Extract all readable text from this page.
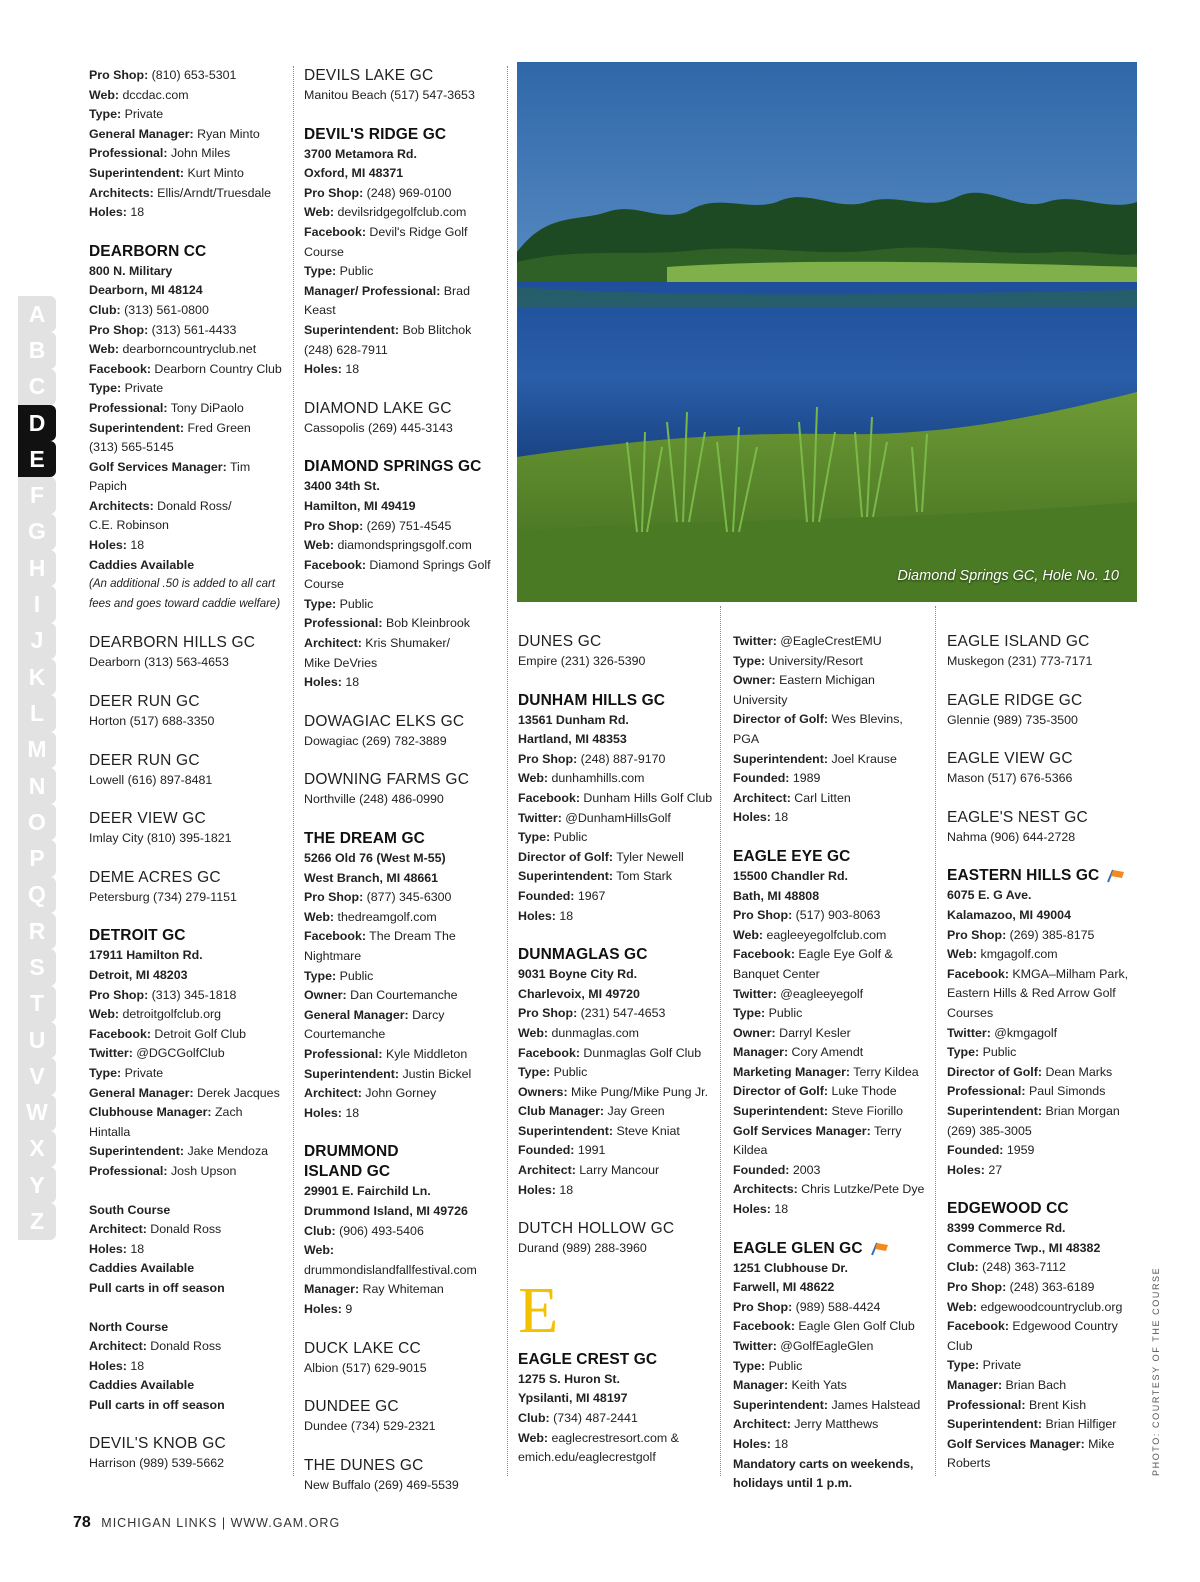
A
B
C
D
E
F
G
H
I
J
K
L
M
N
O
P
Q
R
S
T
U
V
W
X
Y
Z
Pro Shop: (810) 653-5301
Web: dccdac.com
Type: Private
General Manager: Ryan Minto
Professional: John Miles
Superintendent: Kurt Minto
Architects: Ellis/Arndt/Truesdale
Holes: 18
DEARBORN CC
800 N. Military
Dearborn, MI 48124
Club: (313) 561-0800
Pro Shop: (313) 561-4433
Web: dearborncountryclub.net
Facebook: Dearborn Country Club
Type: Private
Professional: Tony DiPaolo
Superintendent: Fred Green
(313) 565-5145
Golf Services Manager: Tim Papich
Architects: Donald Ross/
C.E. Robinson
Holes: 18
Caddies Available
(An additional .50 is added to all cart
fees and goes toward caddie welfare)
DEARBORN HILLS GC
Dearborn (313) 563-4653
DEER RUN GC
Horton (517) 688-3350
DEER RUN GC
Lowell (616) 897-8481
DEER VIEW GC
Imlay City (810) 395-1821
DEME ACRES GC
Petersburg (734) 279-1151
DETROIT GC
17911 Hamilton Rd.
Detroit, MI 48203
Pro Shop: (313) 345-1818
Web: detroitgolfclub.org
Facebook: Detroit Golf Club
Twitter: @DGCGolfClub
Type: Private
General Manager: Derek Jacques
Clubhouse Manager: Zach
Hintalla
Superintendent: Jake Mendoza
Professional: Josh Upson
South Course
Architect: Donald Ross
Holes: 18
Caddies Available
Pull carts in off season
North Course
Architect: Donald Ross
Holes: 18
Caddies Available
Pull carts in off season
DEVIL'S KNOB GC
Harrison (989) 539-5662
DEVILS LAKE GC
Manitou Beach (517) 547-3653
DEVIL'S RIDGE GC
3700 Metamora Rd.
Oxford, MI 48371
Pro Shop: (248) 969-0100
Web: devilsridgegolfclub.com
Facebook: Devil's Ridge Golf
Course
Type: Public
Manager/ Professional: Brad
Keast
Superintendent: Bob Blitchok
(248) 628-7911
Holes: 18
DIAMOND LAKE GC
Cassopolis (269) 445-3143
DIAMOND SPRINGS GC
3400 34th St.
Hamilton, MI 49419
Pro Shop: (269) 751-4545
Web: diamondspringsgolf.com
Facebook: Diamond Springs Golf
Course
Type: Public
Professional: Bob Kleinbrook
Architect: Kris Shumaker/
Mike DeVries
Holes: 18
DOWAGIAC ELKS GC
Dowagiac (269) 782-3889
DOWNING FARMS GC
Northville (248) 486-0990
THE DREAM GC
5266 Old 76 (West M-55)
West Branch, MI 48661
Pro Shop: (877) 345-6300
Web: thedreamgolf.com
Facebook: The Dream The
Nightmare
Type: Public
Owner: Dan Courtemanche
General Manager: Darcy
Courtemanche
Professional: Kyle Middleton
Superintendent: Justin Bickel
Architect: John Gorney
Holes: 18
DRUMMOND
ISLAND GC
29901 E. Fairchild Ln.
Drummond Island, MI 49726
Club: (906) 493-5406
Web: drummondislandfallfestival.com
Manager: Ray Whiteman
Holes: 9
DUCK LAKE CC
Albion (517) 629-9015
DUNDEE GC
Dundee (734) 529-2321
THE DUNES GC
New Buffalo (269) 469-5539
Diamond Springs GC, Hole No. 10
DUNES GC
Empire (231) 326-5390
DUNHAM HILLS GC
13561 Dunham Rd.
Hartland, MI 48353
Pro Shop: (248) 887-9170
Web: dunhamhills.com
Facebook: Dunham Hills Golf Club
Twitter: @DunhamHillsGolf
Type: Public
Director of Golf: Tyler Newell
Superintendent: Tom Stark
Founded: 1967
Holes: 18
DUNMAGLAS GC
9031 Boyne City Rd.
Charlevoix, MI 49720
Pro Shop: (231) 547-4653
Web: dunmaglas.com
Facebook: Dunmaglas Golf Club
Type: Public
Owners: Mike Pung/Mike Pung Jr.
Club Manager: Jay Green
Superintendent: Steve Kniat
Founded: 1991
Architect: Larry Mancour
Holes: 18
DUTCH HOLLOW GC
Durand (989) 288-3960
E
EAGLE CREST GC
1275 S. Huron St.
Ypsilanti, MI 48197
Club: (734) 487-2441
Web: eaglecrestresort.com &
emich.edu/eaglecrestgolf
Twitter: @EagleCrestEMU
Type: University/Resort
Owner: Eastern Michigan
University
Director of Golf: Wes Blevins, PGA
Superintendent: Joel Krause
Founded: 1989
Architect: Carl Litten
Holes: 18
EAGLE EYE GC
15500 Chandler Rd.
Bath, MI 48808
Pro Shop: (517) 903-8063
Web: eagleeyegolfclub.com
Facebook: Eagle Eye Golf &
Banquet Center
Twitter: @eagleeyegolf
Type: Public
Owner: Darryl Kesler
Manager: Cory Amendt
Marketing Manager: Terry Kildea
Director of Golf: Luke Thode
Superintendent: Steve Fiorillo
Golf Services Manager: Terry
Kildea
Founded: 2003
Architects: Chris Lutzke/Pete Dye
Holes: 18
EAGLE GLEN GC
1251 Clubhouse Dr.
Farwell, MI 48622
Pro Shop: (989) 588-4424
Facebook: Eagle Glen Golf Club
Twitter: @GolfEagleGlen
Type: Public
Manager: Keith Yats
Superintendent: James Halstead
Architect: Jerry Matthews
Holes: 18
Mandatory carts on weekends,
holidays until 1 p.m.
EAGLE ISLAND GC
Muskegon (231) 773-7171
EAGLE RIDGE GC
Glennie (989) 735-3500
EAGLE VIEW GC
Mason (517) 676-5366
EAGLE'S NEST GC
Nahma (906) 644-2728
EASTERN HILLS GC
6075 E. G Ave.
Kalamazoo, MI 49004
Pro Shop: (269) 385-8175
Web: kmgagolf.com
Facebook: KMGA–Milham Park,
Eastern Hills & Red Arrow Golf
Courses
Twitter: @kmgagolf
Type: Public
Director of Golf: Dean Marks
Professional: Paul Simonds
Superintendent: Brian Morgan
(269) 385-3005
Founded: 1959
Holes: 27
EDGEWOOD CC
8399 Commerce Rd.
Commerce Twp., MI 48382
Club: (248) 363-7112
Pro Shop: (248) 363-6189
Web: edgewoodcountryclub.org
Facebook: Edgewood Country
Club
Type: Private
Manager: Brian Bach
Professional: Brent Kish
Superintendent: Brian Hilfiger
Golf Services Manager: Mike
Roberts
78 MICHIGAN LINKS | WWW.GAM.ORG
PHOTO: COURTESY OF THE COURSE
